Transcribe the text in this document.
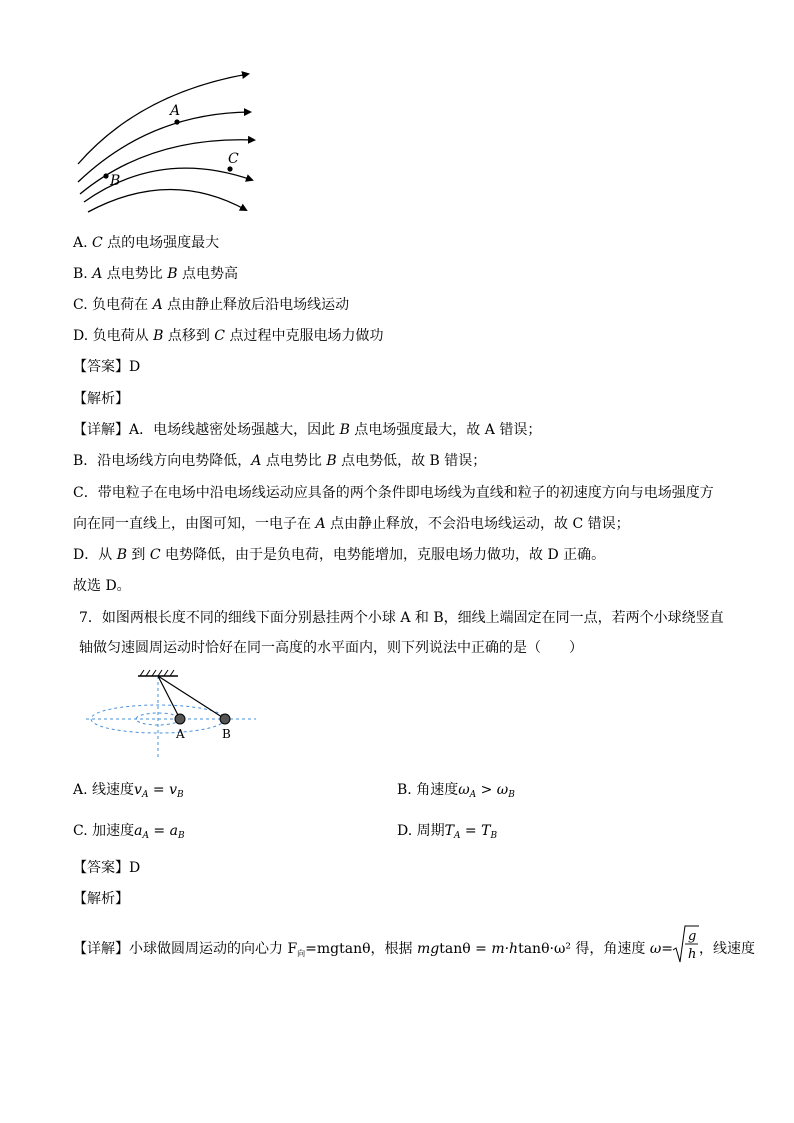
A
B
C
A. C 点的电场强度最大
B. A 点电势比 B 点电势高
C. 负电荷在 A 点由静止释放后沿电场线运动
D. 负电荷从 B 点移到 C 点过程中克服电场力做功
【答案】D
【解析】
【详解】A．电场线越密处场强越大，因此 B 点电场强度最大，故 A 错误；
B．沿电场线方向电势降低，A 点电势比 B 点电势低，故 B 错误；
C．带电粒子在电场中沿电场线运动应具备的两个条件即电场线为直线和粒子的初速度方向与电场强度方
向在同一直线上，由图可知，一电子在 A 点由静止释放，不会沿电场线运动，故 C 错误；
D．从 B 到 C 电势降低，由于是负电荷，电势能增加，克服电场力做功，故 D 正确。
故选 D。
7．如图两根长度不同的细线下面分别悬挂两个小球 A 和 B，细线上端固定在同一点，若两个小球绕竖直
轴做匀速圆周运动时恰好在同一高度的水平面内，则下列说法中正确的是（　　）
A	B
A. 线速度$v_A = v_B$	B. 角速度$\omega_A > \omega_B$
C. 加速度$a_A = a_B$	D. 周期$T_A = T_B$
【答案】D
【解析】
【详解】小球做圆周运动的向心力 $F_向=mgtan\theta$，根据 mgtanθ = m·htanθ·ω² 得，角速度 ω=
g
h ，线速度
